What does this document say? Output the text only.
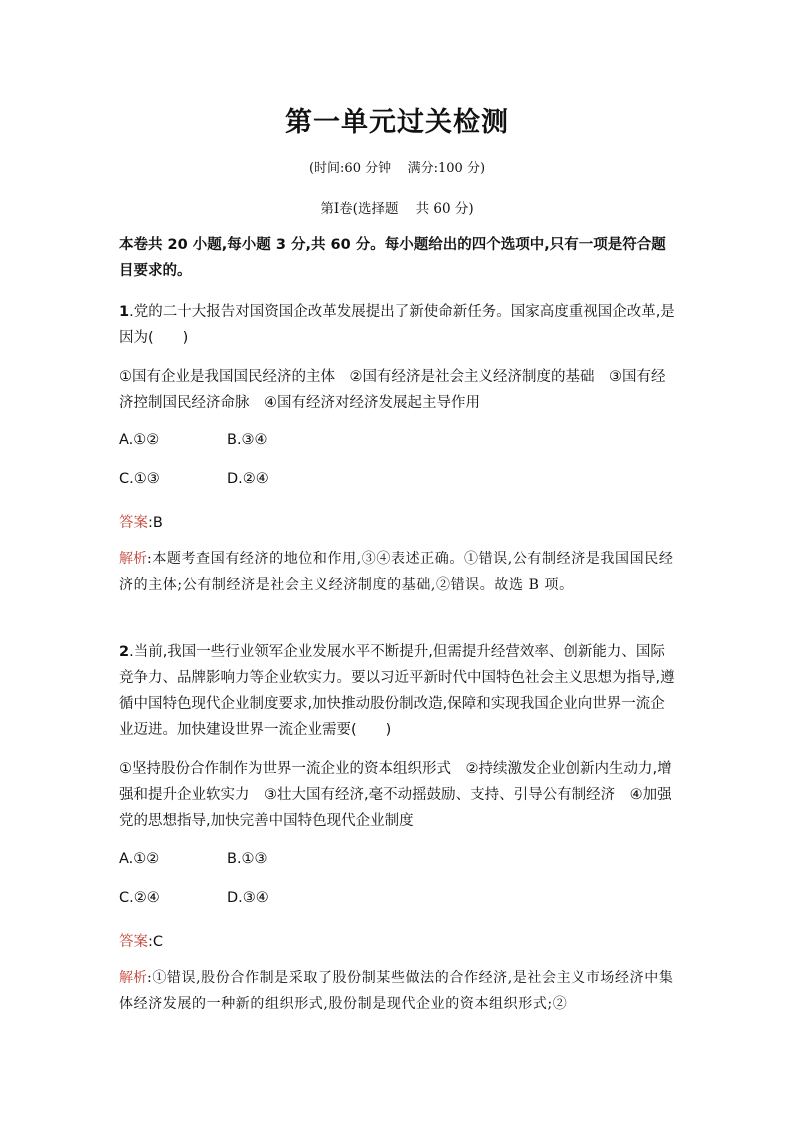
第一单元过关检测
(时间:60 分钟    满分:100 分)
第Ⅰ卷(选择题    共 60 分)
本卷共 20 小题,每小题 3 分,共 60 分。每小题给出的四个选项中,只有一项是符合题目要求的。
1.党的二十大报告对国资国企改革发展提出了新使命新任务。国家高度重视国企改革,是因为(　　)
①国有企业是我国国民经济的主体　②国有经济是社会主义经济制度的基础　③国有经济控制国民经济命脉　④国有经济对经济发展起主导作用
A.①②	B.③④
C.①③	D.②④
答案:B
解析:本题考查国有经济的地位和作用,③④表述正确。①错误,公有制经济是我国国民经济的主体;公有制经济是社会主义经济制度的基础,②错误。故选 B 项。
2.当前,我国一些行业领军企业发展水平不断提升,但需提升经营效率、创新能力、国际竞争力、品牌影响力等企业软实力。要以习近平新时代中国特色社会主义思想为指导,遵循中国特色现代企业制度要求,加快推动股份制改造,保障和实现我国企业向世界一流企业迈进。加快建设世界一流企业需要(　　)
①坚持股份合作制作为世界一流企业的资本组织形式　②持续激发企业创新内生动力,增强和提升企业软实力　③壮大国有经济,毫不动摇鼓励、支持、引导公有制经济　④加强党的思想指导,加快完善中国特色现代企业制度
A.①②	B.①③
C.②④	D.③④
答案:C
解析:①错误,股份合作制是采取了股份制某些做法的合作经济,是社会主义市场经济中集体经济发展的一种新的组织形式,股份制是现代企业的资本组织形式;②
